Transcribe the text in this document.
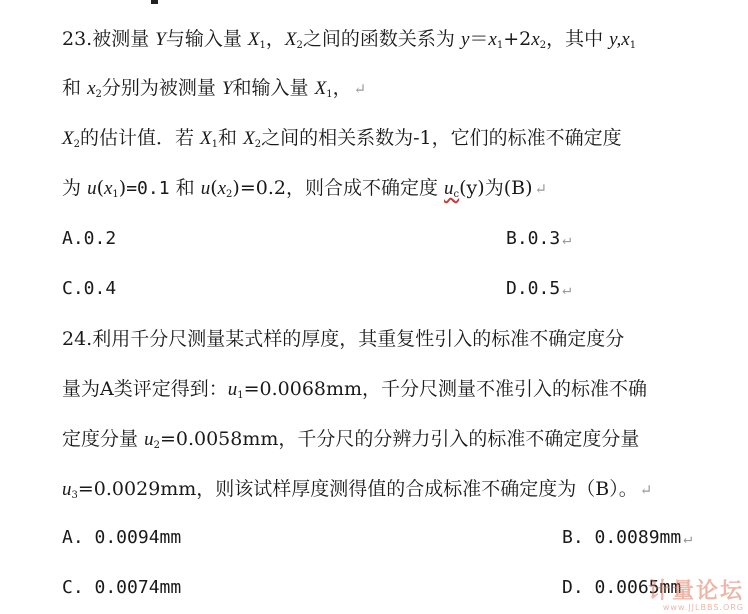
23.被测量 Y与输入量 $X_1$，$X_2$之间的函数关系为 $y=x_1+2x_2$，其中 $y,x_1$
和 $x_2$分别为被测量 Y和输入量 $X_1$， ↵
$X_2$的估计值．若 $X_1$和 $X_2$之间的相关系数为-1，它们的标准不确定度
为 $u(x_1)=0.1$ 和 $u(x_2)=0.2$，则合成不确定度 $u_c(y)$为(B) ↵
A.0.2	B.0.3 ↵
C.0.4	D.0.5 ↵
24.利用千分尺测量某式样的厚度，其重复性引入的标准不确定度分
量为A类评定得到：$u_1=0.0068mm$，千分尺测量不准引入的标准不确
定度分量 $u_2=0.0058mm$，千分尺的分辨力引入的标准不确定度分量
$u_3=0.0029mm$，则该试样厚度测得值的合成标准不确定度为（B）。 ↵
A. 0.0094mm	B. 0.0089mm ↵
C. 0.0074mm	D. 0.0065mm
计量论坛
www.JJLBBS.ORG
